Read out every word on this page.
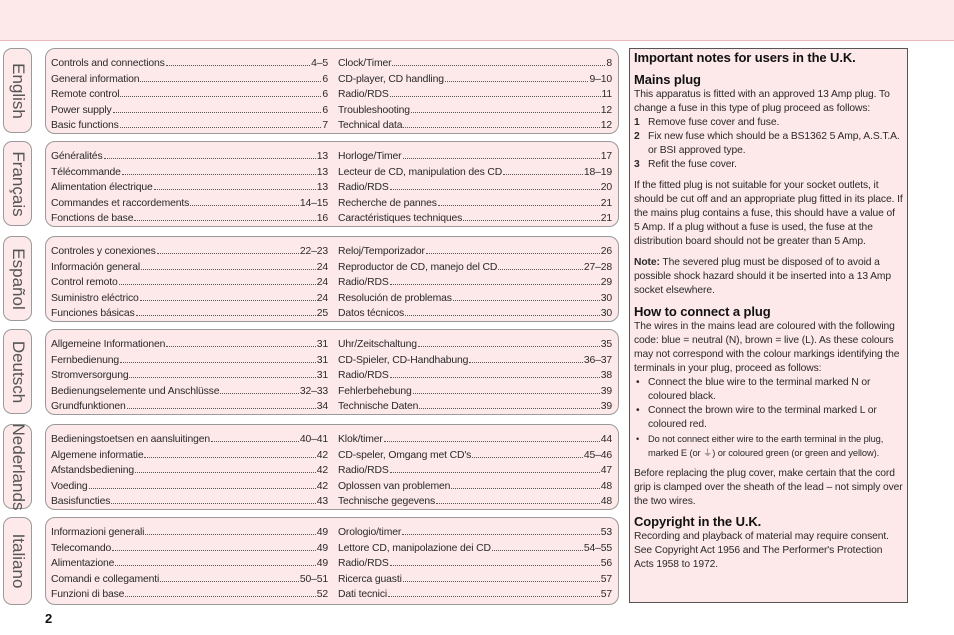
English
Français
Español
Deutsch
Nederlands
Italiano
Controls and connections	4–5
General information	6
Remote control	6
Power supply	6
Basic functions	7
Clock/Timer	8
CD-player, CD handling	9–10
Radio/RDS	11
Troubleshooting	12
Technical data	12
Généralités	13
Télécommande	13
Alimentation électrique	13
Commandes et raccordements	14–15
Fonctions de base	16
Horloge/Timer	17
Lecteur de CD, manipulation des CD	18–19
Radio/RDS	20
Recherche de pannes	21
Caractéristiques techniques	21
Controles y conexiones	22–23
Información general	24
Control remoto	24
Suministro eléctrico	24
Funciones básicas	25
Reloj/Temporizador	26
Reproductor de CD, manejo del CD	27–28
Radio/RDS	29
Resolución de problemas	30
Datos técnicos	30
Allgemeine Informationen	31
Fernbedienung	31
Stromversorgung	31
Bedienungselemente und Anschlüsse	32–33
Grundfunktionen	34
Uhr/Zeitschaltung	35
CD-Spieler, CD-Handhabung	36–37
Radio/RDS	38
Fehlerbehebung	39
Technische Daten	39
Bedieningstoetsen en aansluitingen	40–41
Algemene informatie	42
Afstandsbediening	42
Voeding	42
Basisfuncties	43
Klok/timer	44
CD-speler, Omgang met CD's	45–46
Radio/RDS	47
Oplossen van problemen	48
Technische gegevens	48
Informazioni generali	49
Telecomando	49
Alimentazione	49
Comandi e collegamenti	50–51
Funzioni di base	52
Orologio/timer	53
Lettore CD, manipolazione dei CD	54–55
Radio/RDS	56
Ricerca guasti	57
Dati tecnici	57
Important notes for users in the U.K.
Mains plug

This apparatus is fitted with an approved 13 Amp plug. To change a fuse in this type of plug proceed as follows:

1 Remove fuse cover and fuse.
2 Fix new fuse which should be a BS1362 5 Amp, A.S.T.A. or BSI approved type.
3 Refit the fuse cover.

If the fitted plug is not suitable for your socket outlets, it should be cut off and an appropriate plug fitted in its place. If the mains plug contains a fuse, this should have a value of 5 Amp. If a plug without a fuse is used, the fuse at the distribution board should not be greater than 5 Amp.

Note: The severed plug must be disposed of to avoid a possible shock hazard should it be inserted into a 13 Amp socket elsewhere.

How to connect a plug

The wires in the mains lead are coloured with the following code: blue = neutral (N), brown = live (L). As these colours may not correspond with the colour markings identifying the terminals in your plug, proceed as follows:

• Connect the blue wire to the terminal marked N or coloured black.
• Connect the brown wire to the terminal marked L or coloured red.
• Do not connect either wire to the earth terminal in the plug, marked E (or ⏚) or coloured green (or green and yellow).

Before replacing the plug cover, make certain that the cord grip is clamped over the sheath of the lead – not simply over the two wires.

Copyright in the U.K.

Recording and playback of material may require consent. See Copyright Act 1956 and The Performer's Protection Acts 1958 to 1972.

2
